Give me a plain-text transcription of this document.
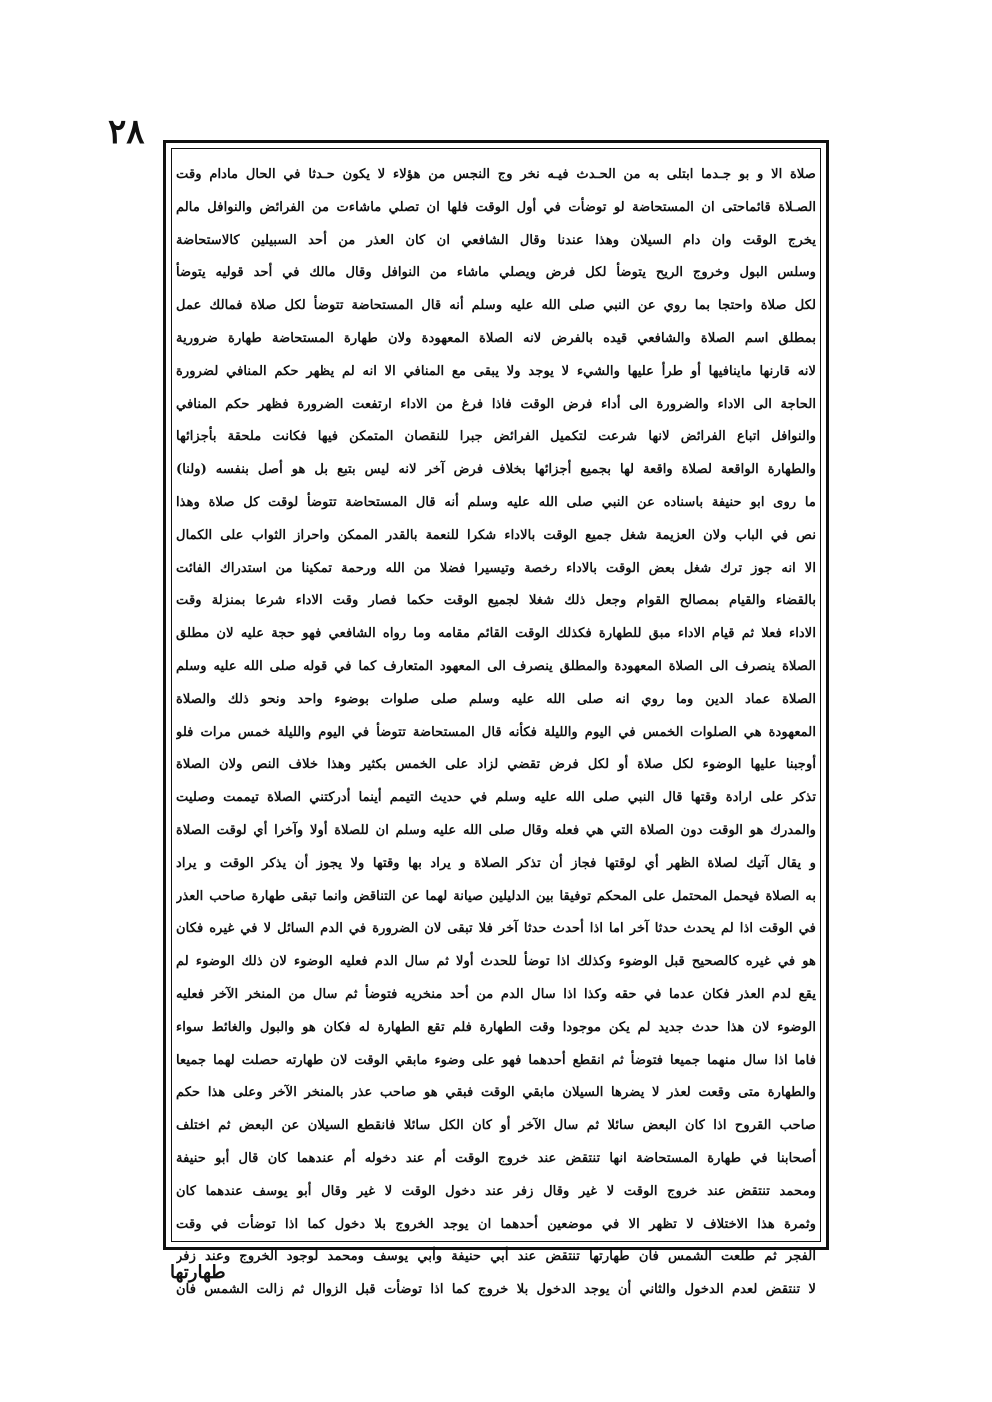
٢٨
صلاة الا و بو جـدما ابتلى به من الحـدث فيـه نخر وج النجس من هؤلاء لا يكون حـدثا في الحال مادام وقت
الصـلاة قائماحتى ان المستحاضة لو توضأت في أول الوقت فلها ان تصلي ماشاءت من الفرائض والنوافل مالم
يخرج الوقت وان دام السيلان وهذا عندنا وقال الشافعي ان كان العذر من أحد السبيلين كالاستحاضة
وسلس البول وخروج الريح يتوضأ لكل فرض ويصلي ماشاء من النوافل وقال مالك في أحد قوليه يتوضأ
لكل صلاة واحتجا بما روي عن النبي صلى الله عليه وسلم أنه قال المستحاضة تتوضأ لكل صلاة فمالك عمل
بمطلق اسم الصلاة والشافعي قيده بالفرض لانه الصلاة المعهودة ولان طهارة المستحاضة طهارة ضرورية
لانه قارنها ماينافيها أو طرأ عليها والشيء لا يوجد ولا يبقى مع المنافي الا انه لم يظهر حكم المنافي لضرورة
الحاجة الى الاداء والضرورة الى أداء فرض الوقت فاذا فرغ من الاداء ارتفعت الضرورة فظهر حكم المنافي
والنوافل اتباع الفرائض لانها شرعت لتكميل الفرائض جبرا للنقصان المتمكن فيها فكانت ملحقة بأجزائها
والطهارة الواقعة لصلاة واقعة لها بجميع أجزائها بخلاف فرض آخر لانه ليس بتبع بل هو أصل بنفسه (ولنا)
ما روى ابو حنيفة باسناده عن النبي صلى الله عليه وسلم أنه قال المستحاضة تتوضأ لوقت كل صلاة وهذا
نص في الباب ولان العزيمة شغل جميع الوقت بالاداء شكرا للنعمة بالقدر الممكن واحراز الثواب على الكمال
الا انه جوز ترك شغل بعض الوقت بالاداء رخصة وتيسيرا فضلا من الله ورحمة تمكينا من استدراك الفائت
بالقضاء والقيام بمصالح القوام وجعل ذلك شغلا لجميع الوقت حكما فصار وقت الاداء شرعا بمنزلة وقت
الاداء فعلا ثم قيام الاداء مبق للطهارة فكذلك الوقت القائم مقامه وما رواه الشافعي فهو حجة عليه لان مطلق
الصلاة ينصرف الى الصلاة المعهودة والمطلق ينصرف الى المعهود المتعارف كما في قوله صلى الله عليه وسلم
الصلاة عماد الدين وما روي انه صلى الله عليه وسلم صلى صلوات بوضوء واحد ونحو ذلك والصلاة
المعهودة هي الصلوات الخمس في اليوم والليلة فكأنه قال المستحاضة تتوضأ في اليوم والليلة خمس مرات فلو
أوجبنا عليها الوضوء لكل صلاة أو لكل فرض تقضي لزاد على الخمس بكثير وهذا خلاف النص ولان الصلاة
تذكر على ارادة وقتها قال النبي صلى الله عليه وسلم في حديث التيمم أينما أدركتني الصلاة تيممت وصليت
والمدرك هو الوقت دون الصلاة التي هي فعله وقال صلى الله عليه وسلم ان للصلاة أولا وآخرا أي لوقت الصلاة
و يقال آتيك لصلاة الظهر أي لوقتها فجاز أن تذكر الصلاة و يراد بها وقتها ولا يجوز أن يذكر الوقت و يراد
به الصلاة فيحمل المحتمل على المحكم توفيقا بين الدليلين صيانة لهما عن التناقض وانما تبقى طهارة صاحب العذر
في الوقت اذا لم يحدث حدثا آخر اما اذا أحدث حدثا آخر فلا تبقى لان الضرورة في الدم السائل لا في غيره فكان
هو في غيره كالصحيح قبل الوضوء وكذلك اذا توضأ للحدث أولا ثم سال الدم فعليه الوضوء لان ذلك الوضوء لم
يقع لدم العذر فكان عدما في حقه وكذا اذا سال الدم من أحد منخريه فتوضأ ثم سال من المنخر الآخر فعليه
الوضوء لان هذا حدث جديد لم يكن موجودا وقت الطهارة فلم تقع الطهارة له فكان هو والبول والغائط سواء
فاما اذا سال منهما جميعا فتوضأ ثم انقطع أحدهما فهو على وضوء مابقي الوقت لان طهارته حصلت لهما جميعا
والطهارة متى وقعت لعذر لا يضرها السيلان مابقي الوقت فبقي هو صاحب عذر بالمنخر الآخر وعلى هذا حكم
صاحب القروح اذا كان البعض سائلا ثم سال الآخر أو كان الكل سائلا فانقطع السيلان عن البعض ثم اختلف
أصحابنا في طهارة المستحاضة انها تنتقض عند خروج الوقت أم عند دخوله أم عندهما كان قال أبو حنيفة
ومحمد تنتقض عند خروج الوقت لا غير وقال زفر عند دخول الوقت لا غير وقال أبو يوسف عندهما كان
وثمرة هذا الاختلاف لا تظهر الا في موضعين أحدهما ان يوجد الخروج بلا دخول كما اذا توضأت في وقت
الفجر ثم طلعت الشمس فان طهارتها تنتقض عند أبي حنيفة وأبي يوسف ومحمد لوجود الخروج وعند زفر
لا تنتقض لعدم الدخول والثاني أن يوجد الدخول بلا خروج كما اذا توضأت قبل الزوال ثم زالت الشمس فان
طهارتها
